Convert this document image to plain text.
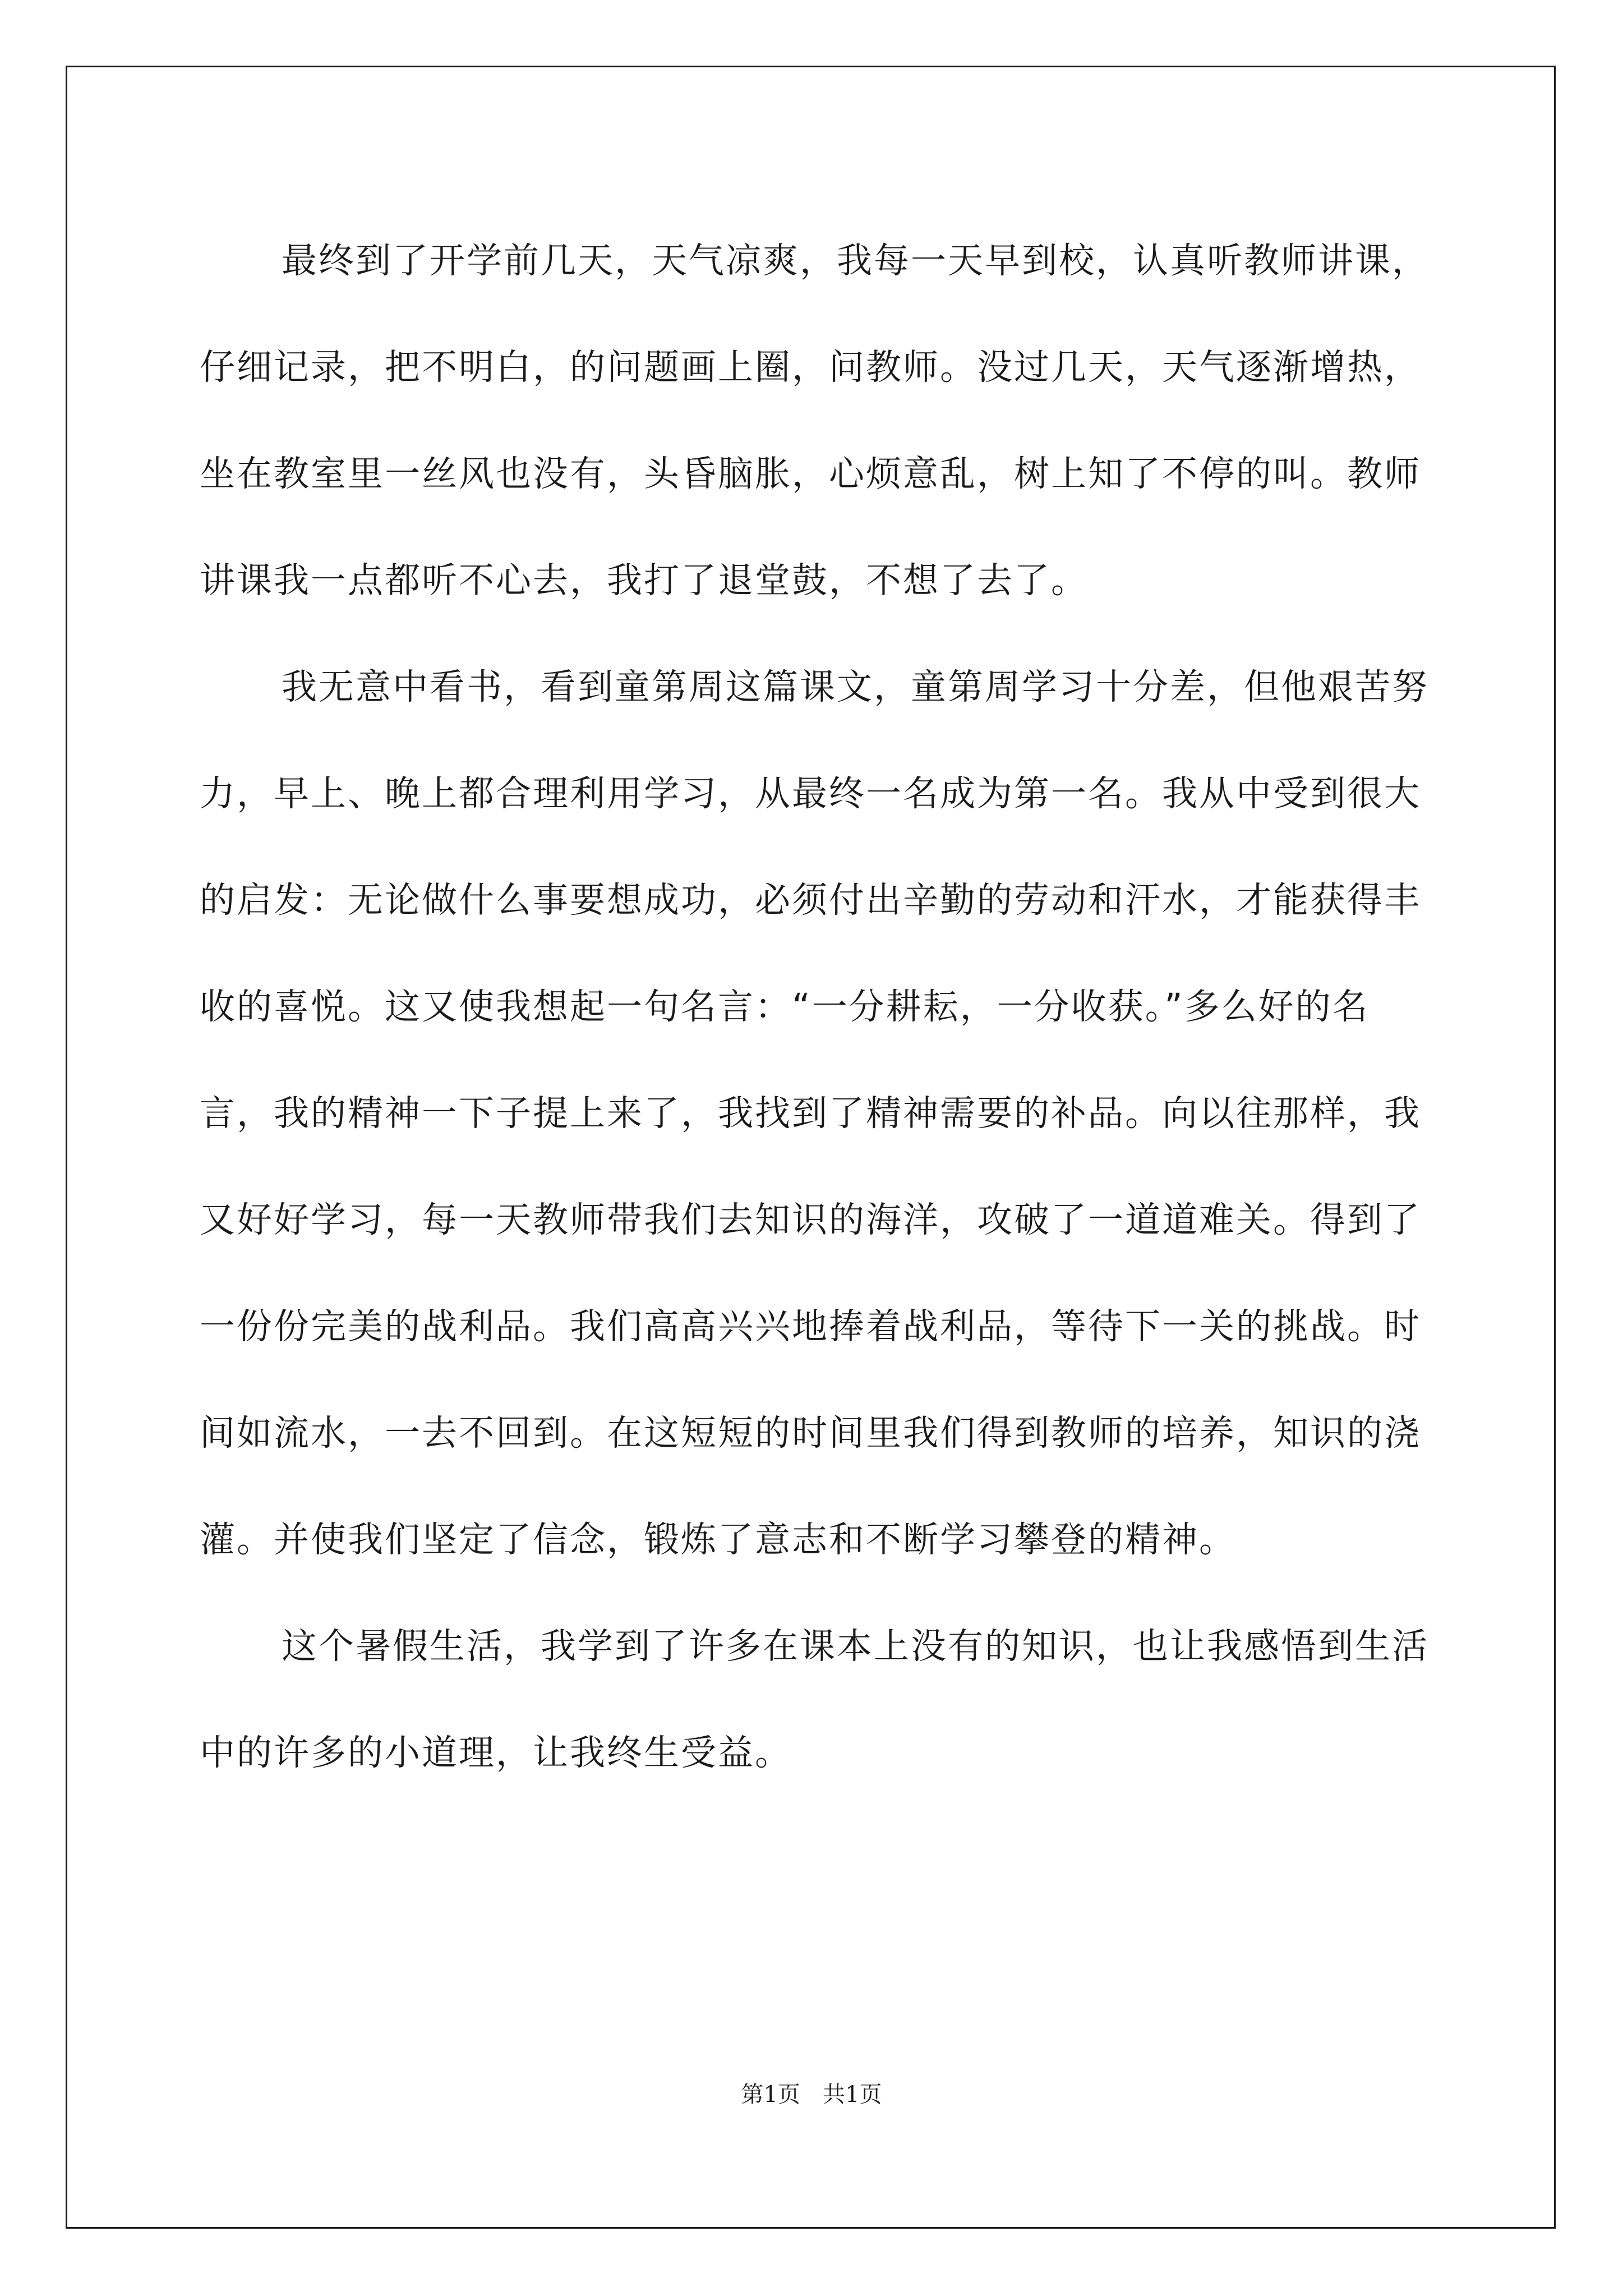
最终到了开学前几天，天气凉爽，我每一天早到校，认真听教师讲课，仔细记录，把不明白，的问题画上圈，问教师。没过几天，天气逐渐增热，坐在教室里一丝风也没有，头昏脑胀，心烦意乱，树上知了不停的叫。教师讲课我一点都听不心去，我打了退堂鼓，不想了去了。

我无意中看书，看到童第周这篇课文，童第周学习十分差，但他艰苦努力，早上、晚上都合理利用学习，从最终一名成为第一名。我从中受到很大的启发：无论做什么事要想成功，必须付出辛勤的劳动和汗水，才能获得丰收的喜悦。这又使我想起一句名言：“一分耕耘，一分收获。”多么好的名言，我的精神一下子提上来了，我找到了精神需要的补品。向以往那样，我又好好学习，每一天教师带我们去知识的海洋，攻破了一道道难关。得到了一份份完美的战利品。我们高高兴兴地捧着战利品，等待下一关的挑战。时间如流水，一去不回到。在这短短的时间里我们得到教师的培养，知识的浇灌。并使我们坚定了信念，锻炼了意志和不断学习攀登的精神。

这个暑假生活，我学到了许多在课本上没有的知识，也让我感悟到生活中的许多的小道理，让我终生受益。

第1页　共1页
